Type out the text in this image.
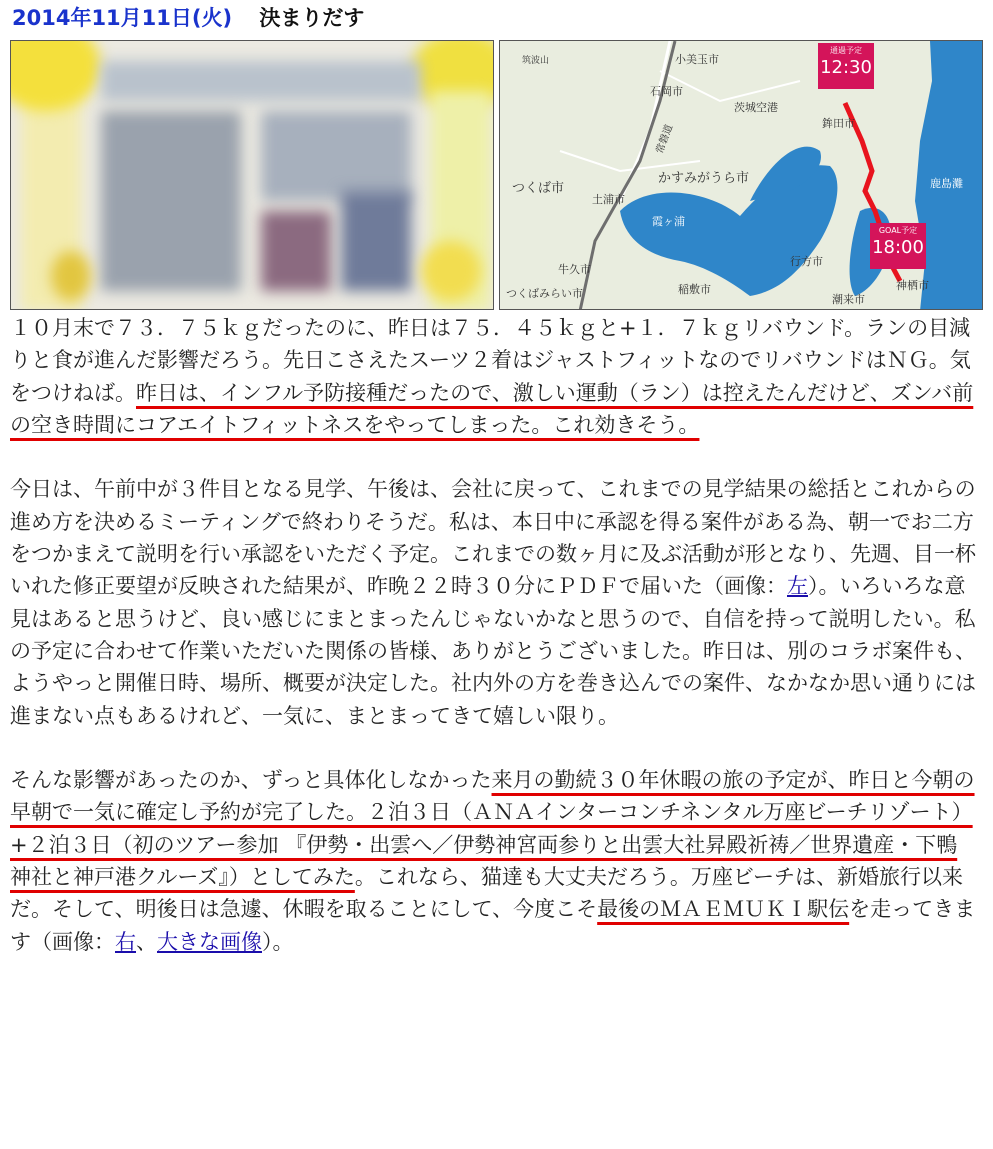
2014年11月11日(火) 決まりだす
小美玉市
石岡市
茨城空港
鉾田市
かすみがうら市
つくば市
土浦市
霞ヶ浦
鹿島灘
牛久市
行方市
つくばみらい市	稲敷市
潮来市
神栖市
筑波山
常磐道
通過予定
12:30
GOAL予定
18:00

１０月末で７３．７５ｋｇだったのに、昨日は７５．４５ｋｇと+１．７ｋｇリバウンド。ランの目減りと食が進んだ影響だろう。先日こさえたスーツ２着はジャストフィットなのでリバウンドはＮＧ。気をつけねば。昨日は、インフル予防接種だったので、激しい運動（ラン）は控えたんだけど、ズンバ前の空き時間にコアエイトフィットネスをやってしまった。これ効きそう。

今日は、午前中が３件目となる見学、午後は、会社に戻って、これまでの見学結果の総括とこれからの進め方を決めるミーティングで終わりそうだ。私は、本日中に承認を得る案件がある為、朝一でお二方をつかまえて説明を行い承認をいただく予定。これまでの数ヶ月に及ぶ活動が形となり、先週、目一杯いれた修正要望が反映された結果が、昨晩２２時３０分にＰＤＦで届いた（画像：左）。いろいろな意見はあると思うけど、良い感じにまとまったんじゃないかなと思うので、自信を持って説明したい。私の予定に合わせて作業いただいた関係の皆様、ありがとうございました。昨日は、別のコラボ案件も、ようやっと開催日時、場所、概要が決定した。社内外の方を巻き込んでの案件、なかなか思い通りには進まない点もあるけれど、一気に、まとまってきて嬉しい限り。

そんな影響があったのか、ずっと具体化しなかった来月の勤続３０年休暇の旅の予定が、昨日と今朝の早朝で一気に確定し予約が完了した。２泊３日（ＡＮＡインターコンチネンタル万座ビーチリゾート）+２泊３日（初のツアー参加 『伊勢・出雲へ／伊勢神宮両参りと出雲大社昇殿祈祷／世界遺産・下鴨神社と神戸港クルーズ』）としてみた。これなら、猫達も大丈夫だろう。万座ビーチは、新婚旅行以来だ。そして、明後日は急遽、休暇を取ることにして、今度こそ最後のＭＡＥＭＵＫＩ駅伝を走ってきます（画像：右、大きな画像）。
